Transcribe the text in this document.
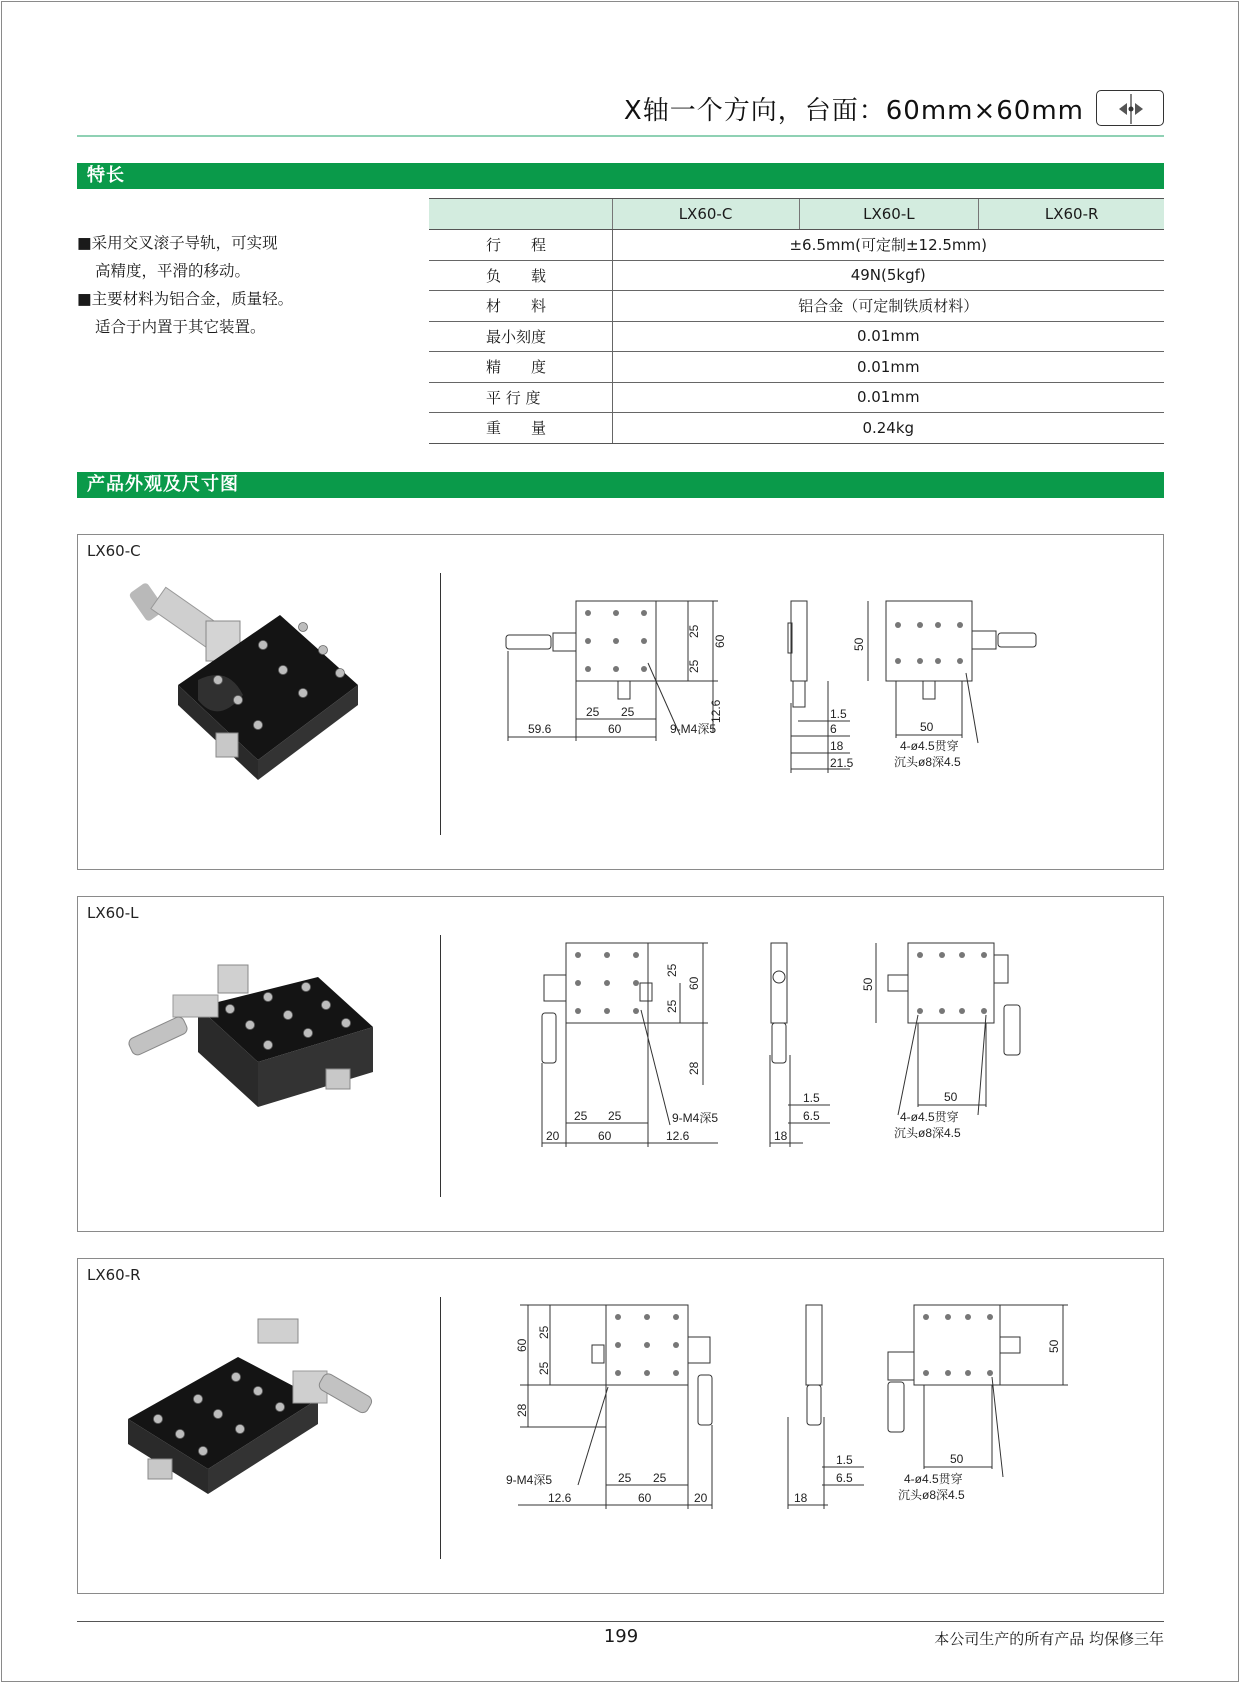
X轴一个方向，台面：60mm×60mm
特长
■采用交叉滚子导轨，可实现
高精度，平滑的移动。
■主要材料为铝合金，质量轻。
适合于内置于其它装置。
	LX60-C	LX60-L	LX60-R
行　　程	±6.5mm(可定制±12.5mm)		
负　　载	49N(5kgf)		
材　　料	铝合金（可定制铁质材料）		
最小刻度	0.01mm		
精　　度	0.01mm		
平 行 度	0.01mm		
重　　量	0.24kg		
产品外观及尺寸图
LX60-C
25
25
60
12.6
25 25
60
59.6	9-M4深5
1.5
6
18
21.5
50
50
4-ø4.5贯穿
沉头ø8深4.5
LX60-L
25
25
60
28
25 25
20	60	12.6
9-M4深5
1.5
6.5
18
50
50
4-ø4.5贯穿
沉头ø8深4.5
LX60-R
60
25
25
28
25 25
12.6	60	20
9-M4深5
1.5
6.5
18
50
50
4-ø4.5贯穿
沉头ø8深4.5
199	本公司生产的所有产品 均保修三年
